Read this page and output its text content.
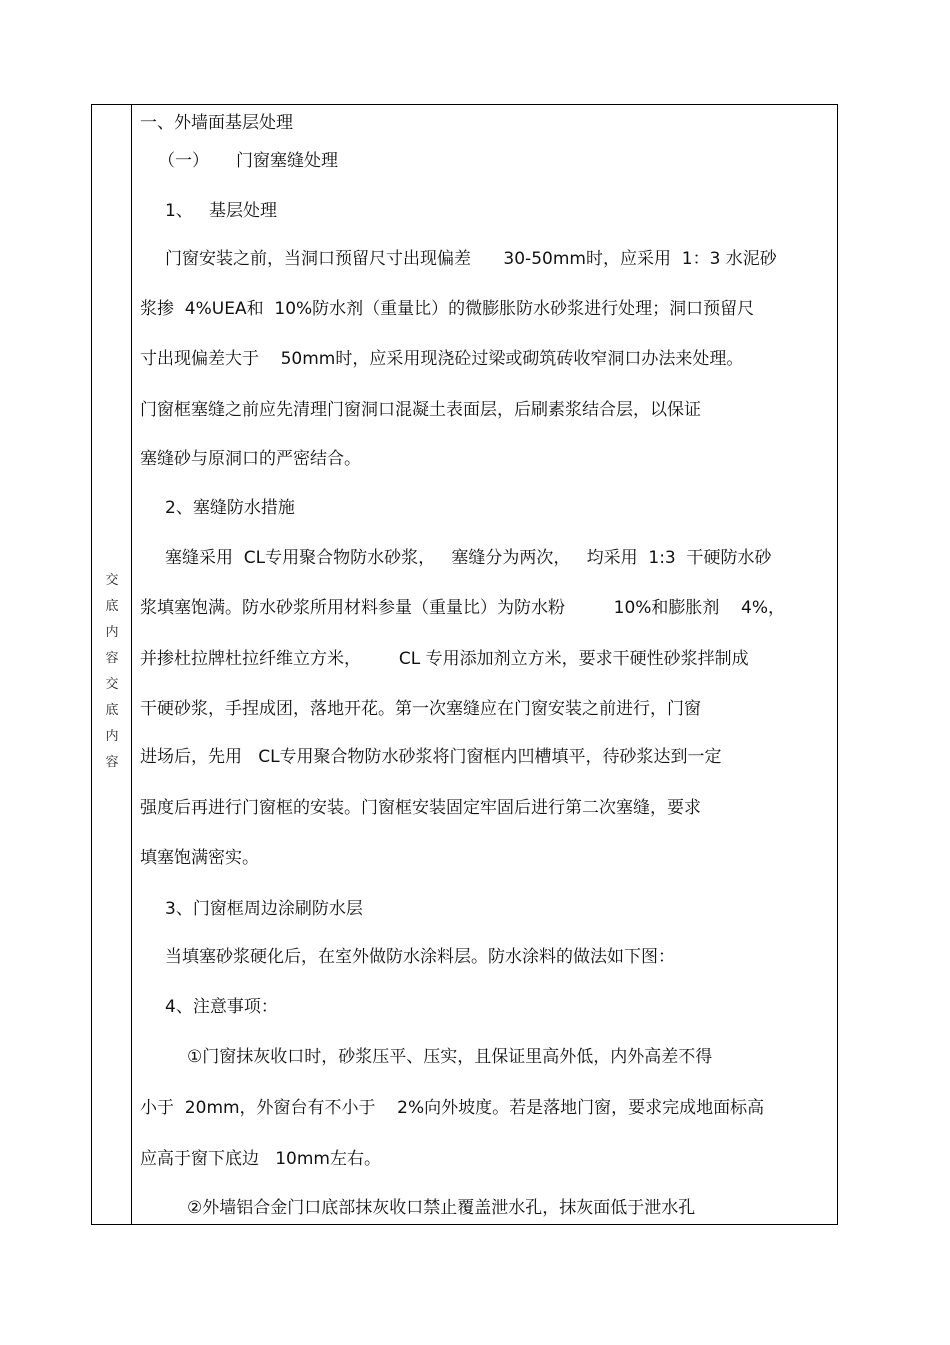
交
底
内
容
交
底
内
容
一、外墙面基层处理
（一）     门窗塞缝处理
1、   基层处理
门窗安装之前，当洞口预留尺寸出现偏差      30-50mm时，应采用  1：3 水泥砂
浆掺  4%UEA和  10%防水剂（重量比）的微膨胀防水砂浆进行处理；洞口预留尺
寸出现偏差大于    50mm时，应采用现浇砼过梁或砌筑砖收窄洞口办法来处理。
门窗框塞缝之前应先清理门窗洞口混凝土表面层，后刷素浆结合层，以保证
塞缝砂与原洞口的严密结合。
2、塞缝防水措施
塞缝采用  CL专用聚合物防水砂浆，   塞缝分为两次，   均采用  1:3  干硬防水砂
浆填塞饱满。防水砂浆所用材料参量（重量比）为防水粉         10%和膨胀剂    4%，
并掺杜拉牌杜拉纤维立方米，       CL 专用添加剂立方米，要求干硬性砂浆拌制成
干硬砂浆，手捏成团，落地开花。第一次塞缝应在门窗安装之前进行，门窗
进场后，先用   CL专用聚合物防水砂浆将门窗框内凹槽填平，待砂浆达到一定
强度后再进行门窗框的安装。门窗框安装固定牢固后进行第二次塞缝，要求
填塞饱满密实。
3、门窗框周边涂刷防水层
当填塞砂浆硬化后，在室外做防水涂料层。防水涂料的做法如下图：
4、注意事项：
①门窗抹灰收口时，砂浆压平、压实，且保证里高外低，内外高差不得
小于  20mm，外窗台有不小于    2%向外坡度。若是落地门窗，要求完成地面标高
应高于窗下底边   10mm左右。
②外墙铝合金门口底部抹灰收口禁止覆盖泄水孔，抹灰面低于泄水孔
